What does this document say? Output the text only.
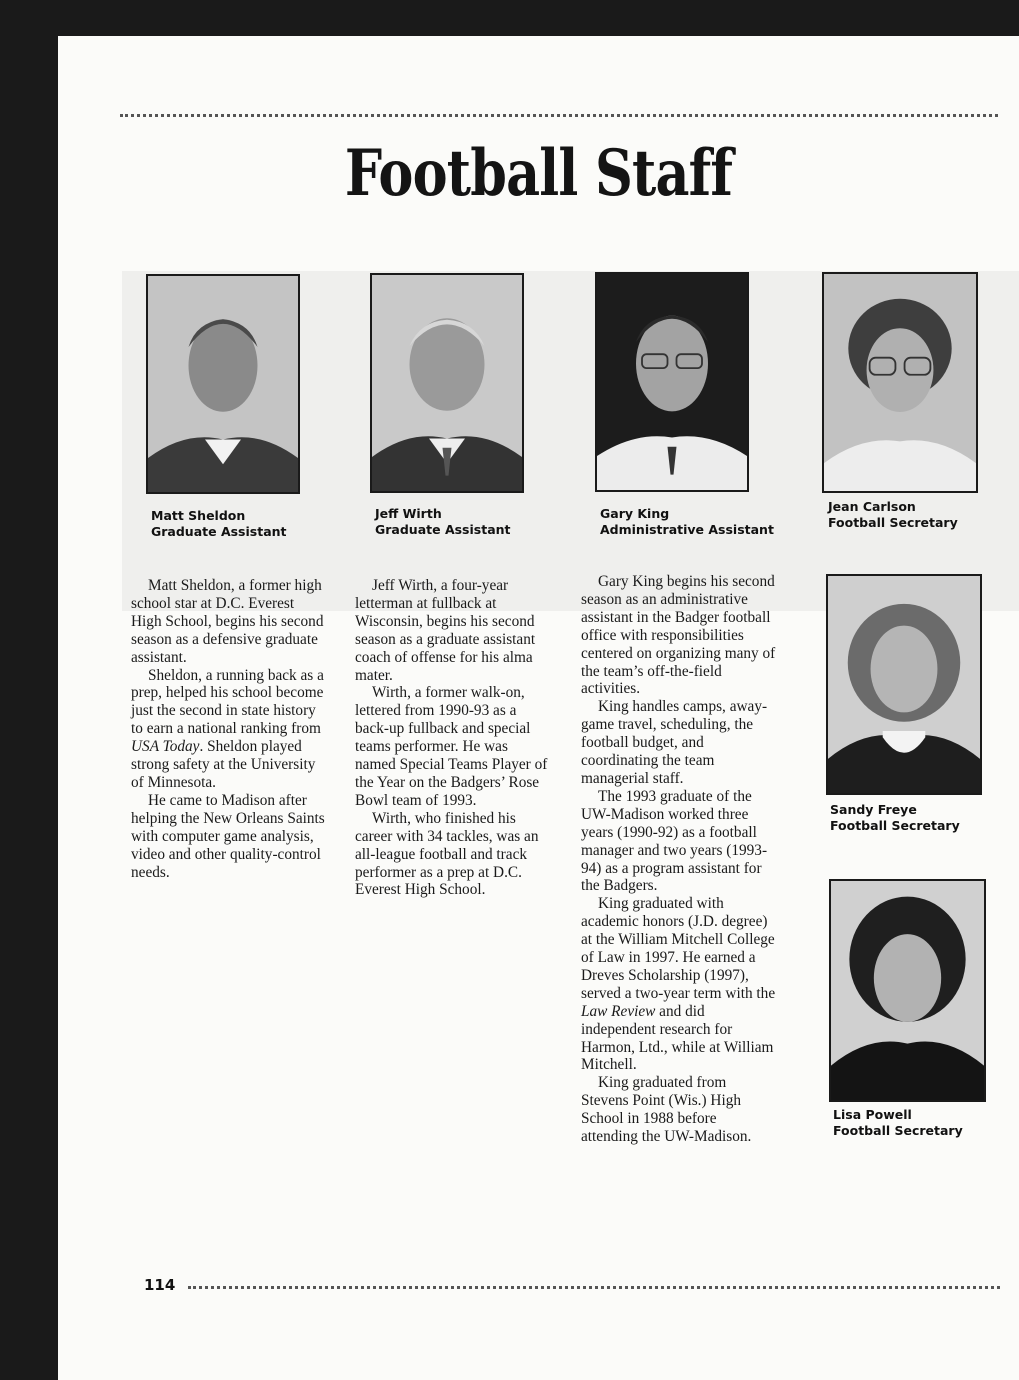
Football Staff
Matt Sheldon
Graduate Assistant
Jeff Wirth
Graduate Assistant
Gary King
Administrative Assistant
Jean Carlson
Football Secretary
Sandy Freye
Football Secretary
Lisa Powell
Football Secretary

Matt Sheldon, a former high school star at D.C. Everest High School, begins his second season as a defensive graduate assistant.

Sheldon, a running back as a prep, helped his school become just the second in state history to earn a national ranking from USA Today. Sheldon played strong safety at the University of Minnesota.

He came to Madison after helping the New Orleans Saints with computer game analysis, video and other quality-control needs.

Jeff Wirth, a four-year letterman at fullback at Wisconsin, begins his second season as a graduate assistant coach of offense for his alma mater.

Wirth, a former walk-on, lettered from 1990-93 as a back-up fullback and special teams performer. He was named Special Teams Player of the Year on the Badgers’ Rose Bowl team of 1993.

Wirth, who finished his career with 34 tackles, was an all-league football and track performer as a prep at D.C. Everest High School.

Gary King begins his second season as an administrative assistant in the Badger football office with responsibilities centered on organizing many of the team’s off-the-field activities.

King handles camps, away-game travel, scheduling, the football budget, and coordinating the team managerial staff.

The 1993 graduate of the UW-Madison worked three years (1990-92) as a football manager and two years (1993-94) as a program assistant for the Badgers.

King graduated with academic honors (J.D. degree) at the William Mitchell College of Law in 1997. He earned a Dreves Scholarship (1997), served a two-year term with the Law Review and did independent research for Harmon, Ltd., while at William Mitchell.

King graduated from Stevens Point (Wis.) High School in 1988 before attending the UW-Madison.

114
